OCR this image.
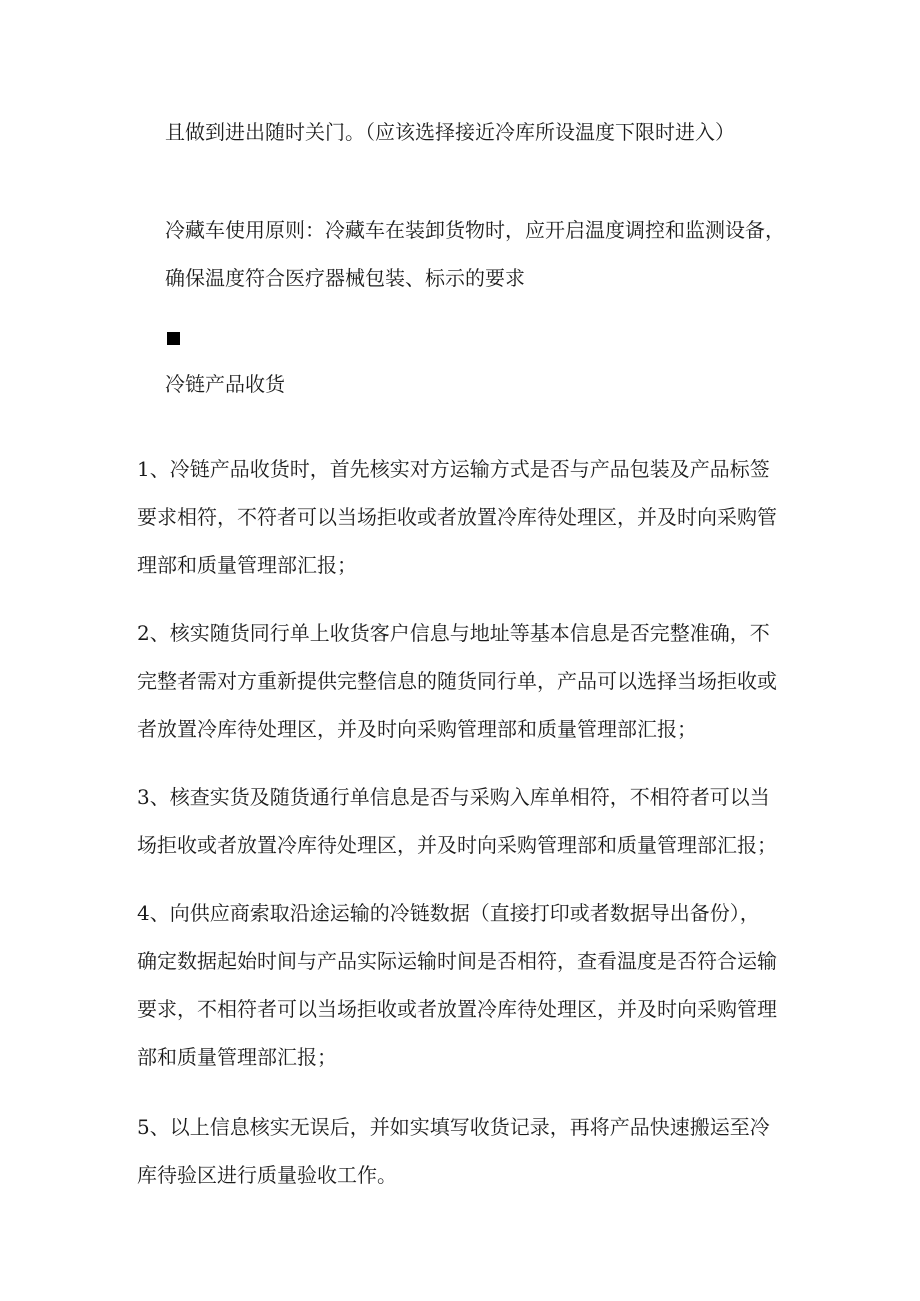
且做到进出随时关门。（应该选择接近冷库所设温度下限时进入）
冷藏车使用原则：冷藏车在装卸货物时，应开启温度调控和监测设备，
确保温度符合医疗器械包装、标示的要求
冷链产品收货
1、冷链产品收货时，首先核实对方运输方式是否与产品包装及产品标签
要求相符，不符者可以当场拒收或者放置冷库待处理区，并及时向采购管
理部和质量管理部汇报；
2、核实随货同行单上收货客户信息与地址等基本信息是否完整准确，不
完整者需对方重新提供完整信息的随货同行单，产品可以选择当场拒收或
者放置冷库待处理区，并及时向采购管理部和质量管理部汇报；
3、核查实货及随货通行单信息是否与采购入库单相符，不相符者可以当
场拒收或者放置冷库待处理区，并及时向采购管理部和质量管理部汇报；
4、向供应商索取沿途运输的冷链数据（直接打印或者数据导出备份），
确定数据起始时间与产品实际运输时间是否相符，查看温度是否符合运输
要求，不相符者可以当场拒收或者放置冷库待处理区，并及时向采购管理
部和质量管理部汇报；
5、以上信息核实无误后，并如实填写收货记录，再将产品快速搬运至冷
库待验区进行质量验收工作。
